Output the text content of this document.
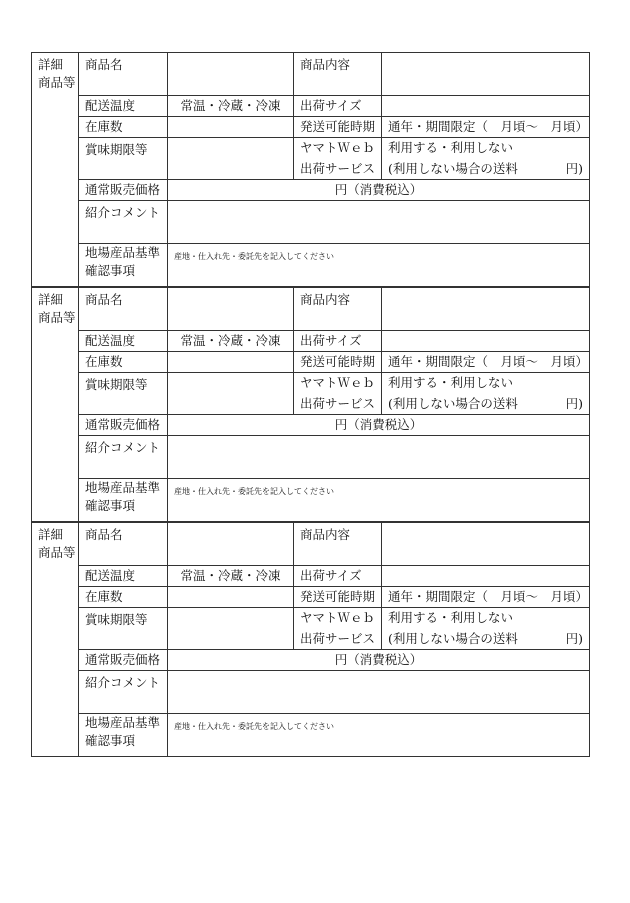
詳細
商品等	商品名		商品内容	
	配送温度	常温・冷蔵・冷凍	出荷サイズ	
	在庫数		発送可能時期	通年・期間限定（　月頃～　月頃）
	賞味期限等		ヤマトＷｅｂ	利用する・利用しない
			出荷サービス	(利用しない場合の送料 円)

	通常販売価格	円（消費税込）		
	紹介コメント			
	地場産品基準
確認事項	産地・仕入れ先・委託先を記入してください		
詳細
商品等	商品名		商品内容	
	配送温度	常温・冷蔵・冷凍	出荷サイズ	
	在庫数		発送可能時期	通年・期間限定（　月頃～　月頃）
	賞味期限等		ヤマトＷｅｂ	利用する・利用しない
			出荷サービス	(利用しない場合の送料 円)

	通常販売価格	円（消費税込）		
	紹介コメント			
	地場産品基準
確認事項	産地・仕入れ先・委託先を記入してください		
詳細
商品等	商品名		商品内容	
	配送温度	常温・冷蔵・冷凍	出荷サイズ	
	在庫数		発送可能時期	通年・期間限定（　月頃～　月頃）
	賞味期限等		ヤマトＷｅｂ	利用する・利用しない
			出荷サービス	(利用しない場合の送料 円)

	通常販売価格	円（消費税込）		
	紹介コメント			
	地場産品基準
確認事項	産地・仕入れ先・委託先を記入してください		
